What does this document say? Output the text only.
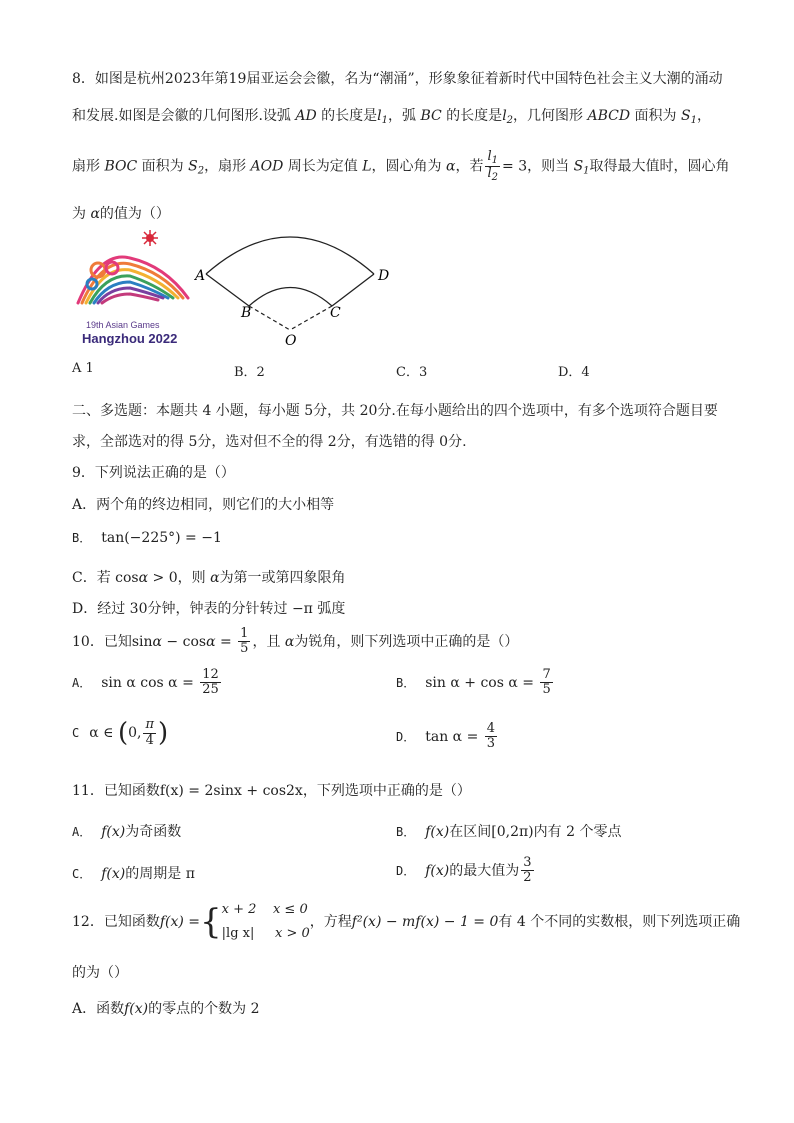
8．如图是杭州2023年第19届亚运会会徽，名为“潮涌”，形象象征着新时代中国特色社会主义大潮的涌动
和发展.如图是会徽的几何图形.设弧 AD 的长度是$l_1$，弧 BC 的长度是$l_2$，几何图形 ABCD 面积为 $S_1$，
扇形 BOC 面积为 $S_2$，扇形 AOD 周长为定值 L，圆心角为 α，若 $\frac{l_1}{l_2} = 3$，则当 $S_1$取得最大值时，圆心角
为 α的值为（）
19th Asian Games
Hangzhou 2022
A	D
B	C
O
A 1	B．2	C．3	D．4
二、多选题：本题共 4 小题，每小题 5分，共 20分.在每小题给出的四个选项中，有多个选项符合题目要
求，全部选对的得 5分，选对但不全的得 2分，有选错的得 0分.
9．下列说法正确的是（）
A．两个角的终边相同，则它们的大小相等
B． tan(−225°) = −1
C．若 cosα > 0，则 α为第一或第四象限角
D．经过 30分钟，钟表的分针转过 −π 弧度
10．已知$\sin\alpha - \cos\alpha = \frac{1}{5}$ ，且 α为锐角，则下列选项中正确的是（）
A． sin α $\cos \alpha = \frac{12}{25}$	B． $\sin \alpha + \cos \alpha = \frac{7}{5}$
C α ∈ (0, $\frac{\pi}{4}$ )	D． $\tan \alpha = \frac{4}{3}$
11．已知函数f(x) = 2sinx + cos2x，下列选项中正确的是（）
A． f(x)为奇函数	B． f(x)在区间[0,2π)内有 2 个零点
C． f(x)的周期是 π	D． f(x)的最大值为 $\frac{3}{2}$
12．已知函数f(x) ={ x + 2 x ≤ 0
|lg x| x > 0
，方程f²(x) − mf(x) − 1 = 0有 4 个不同的实数根，则下列选项正确
的为（）
A．函数f(x)的零点的个数为 2
